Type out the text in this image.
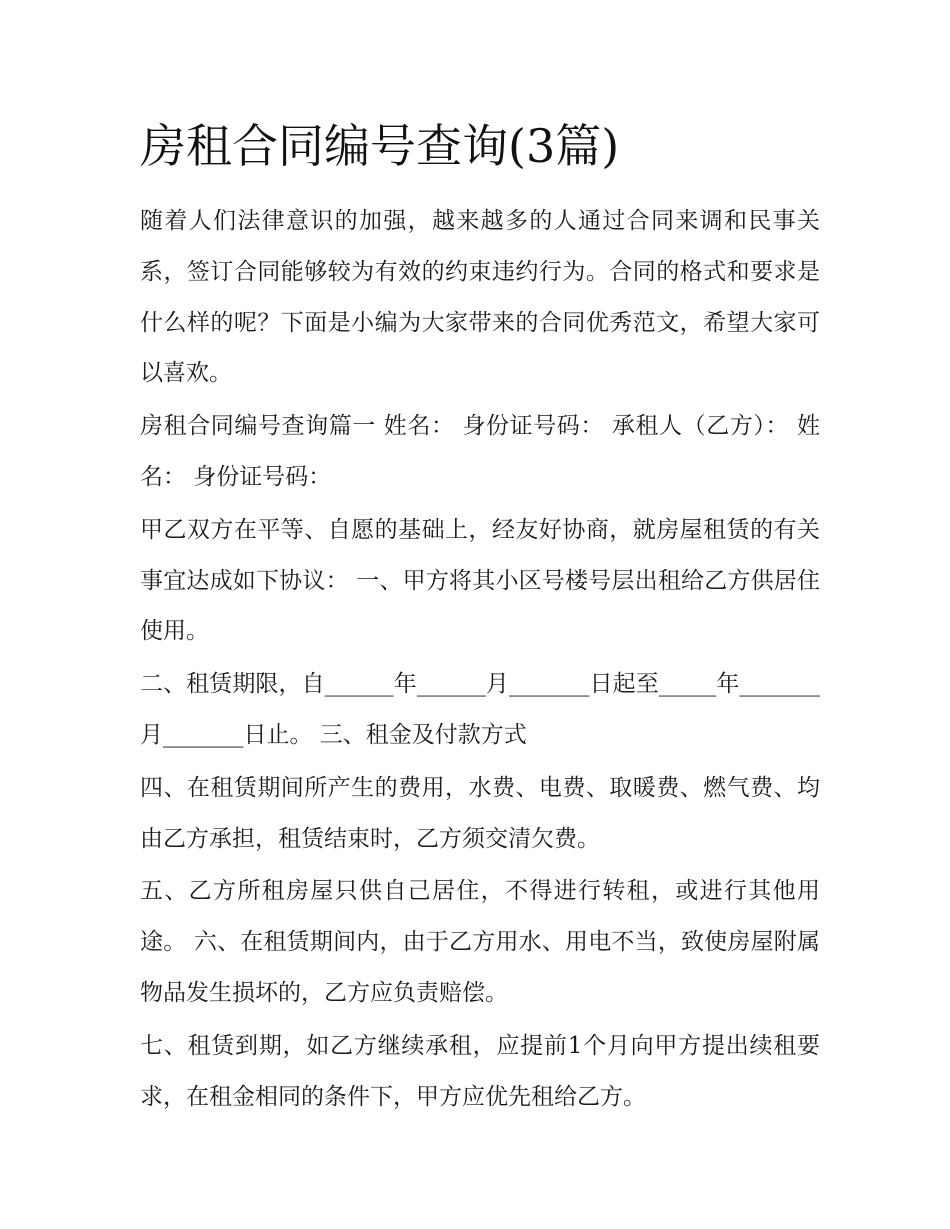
房租合同编号查询(3篇)

随着人们法律意识的加强，越来越多的人通过合同来调和民事关系，签订合同能够较为有效的约束违约行为。合同的格式和要求是什么样的呢？下面是小编为大家带来的合同优秀范文，希望大家可以喜欢。

房租合同编号查询篇一 姓名： 身份证号码： 承租人（乙方）： 姓名： 身份证号码：

甲乙双方在平等、自愿的基础上，经友好协商，就房屋租赁的有关事宜达成如下协议： 一、甲方将其小区号楼号层出租给乙方供居住使用。

二、租赁期限，自______年______月_______日起至_____年_______月_______日止。 三、租金及付款方式

四、在租赁期间所产生的费用，水费、电费、取暖费、燃气费、均由乙方承担，租赁结束时，乙方须交清欠费。

五、乙方所租房屋只供自己居住，不得进行转租，或进行其他用途。 六、在租赁期间内，由于乙方用水、用电不当，致使房屋附属物品发生损坏的，乙方应负责赔偿。

七、租赁到期，如乙方继续承租，应提前1个月向甲方提出续租要求，在租金相同的条件下，甲方应优先租给乙方。
